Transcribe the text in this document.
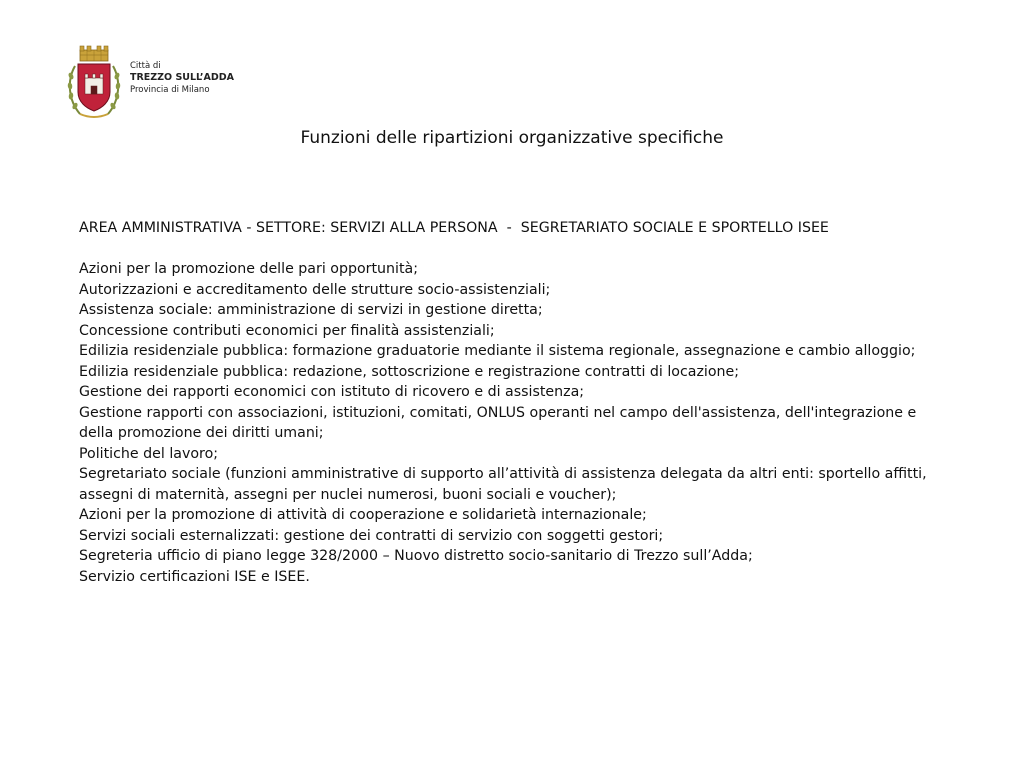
Città di
TREZZO SULL’ADDA
Provincia di Milano
Funzioni delle ripartizioni organizzative specifiche

AREA AMMINISTRATIVA - SETTORE: SERVIZI ALLA PERSONA  -  SEGRETARIATO SOCIALE E SPORTELLO ISEE

Azioni per la promozione delle pari opportunità;
Autorizzazioni e accreditamento delle strutture socio-assistenziali;
Assistenza sociale: amministrazione di servizi in gestione diretta;
Concessione contributi economici per finalità assistenziali;
Edilizia residenziale pubblica: formazione graduatorie mediante il sistema regionale, assegnazione e cambio alloggio;
Edilizia residenziale pubblica: redazione, sottoscrizione e registrazione contratti di locazione;
Gestione dei rapporti economici con istituto di ricovero e di assistenza;
Gestione rapporti con associazioni, istituzioni, comitati, ONLUS operanti nel campo dell'assistenza, dell'integrazione e della promozione dei diritti umani;
Politiche del lavoro;
Segretariato sociale (funzioni amministrative di supporto all’attività di assistenza delegata da altri enti: sportello affitti, assegni di maternità, assegni per nuclei numerosi, buoni sociali e voucher);
Azioni per la promozione di attività di cooperazione e solidarietà internazionale;
Servizi sociali esternalizzati: gestione dei contratti di servizio con soggetti gestori;
Segreteria ufficio di piano legge 328/2000 – Nuovo distretto socio-sanitario di Trezzo sull’Adda;
Servizio certificazioni ISE e ISEE.
